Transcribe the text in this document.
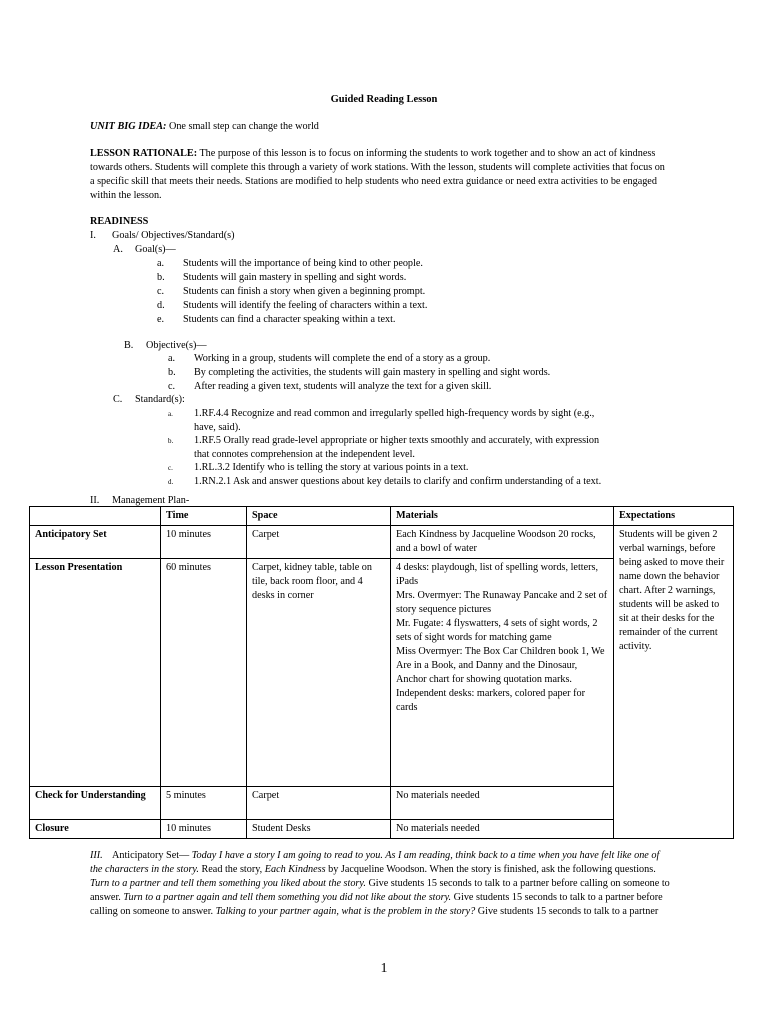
Guided Reading Lesson
UNIT BIG IDEA: One small step can change the world
LESSON RATIONALE: The purpose of this lesson is to focus on informing the students to work together and to show an act of kindness towards others. Students will complete this through a variety of work stations. With the lesson, students will complete activities that focus on a specific skill that meets their needs. Stations are modified to help students who need extra guidance or need extra activities to be engaged within the lesson.
READINESS
I. Goals/ Objectives/Standard(s)
A. Goal(s)—
a. Students will the importance of being kind to other people.
b. Students will gain mastery in spelling and sight words.
c. Students can finish a story when given a beginning prompt.
d. Students will identify the feeling of characters within a text.
e. Students can find a character speaking within a text.
B. Objective(s)—
a. Working in a group, students will complete the end of a story as a group.
b. By completing the activities, the students will gain mastery in spelling and sight words.
c. After reading a given text, students will analyze the text for a given skill.
C. Standard(s):
a. 1.RF.4.4 Recognize and read common and irregularly spelled high-frequency words by sight (e.g.,
have, said).
b. 1.RF.5 Orally read grade-level appropriate or higher texts smoothly and accurately, with expression
that connotes comprehension at the independent level.
c. 1.RL.3.2 Identify who is telling the story at various points in a text.
d. 1.RN.2.1 Ask and answer questions about key details to clarify and confirm understanding of a text.
II. Management Plan-
	Time	Space	Materials	Expectations
Anticipatory Set	10 minutes	Carpet	Each Kindness by Jacqueline Woodson 20 rocks, and a bowl of water	Students will be given 2 verbal warnings, before being asked to move their name down the behavior chart. After 2 warnings, students will be asked to sit at their desks for the remainder of the current activity.
Lesson Presentation	60 minutes	Carpet, kidney table, table on tile, back room floor, and 4 desks in corner	4 desks: playdough, list of spelling words, letters, iPads
Mrs. Overmyer: The Runaway Pancake and 2 set of story sequence pictures
Mr. Fugate: 4 flyswatters, 4 sets of sight words, 2 sets of sight words for matching game
Miss Overmyer: The Box Car Children book 1, We Are in a Book, and Danny and the Dinosaur, Anchor chart for showing quotation marks.
Independent desks: markers, colored paper for cards	

Check for Understanding	5 minutes	Carpet	No materials needed	
Closure	10 minutes	Student Desks	No materials needed	
III. Anticipatory Set— Today I have a story I am going to read to you. As I am reading, think back to a time when you have felt like one of the characters in the story. Read the story, Each Kindness by Jacqueline Woodson. When the story is finished, ask the following questions. Turn to a partner and tell them something you liked about the story. Give students 15 seconds to talk to a partner before calling on someone to answer. Turn to a partner again and tell them something you did not like about the story. Give students 15 seconds to talk to a partner before calling on someone to answer. Talking to your partner again, what is the problem in the story? Give students 15 seconds to talk to a partner
1
